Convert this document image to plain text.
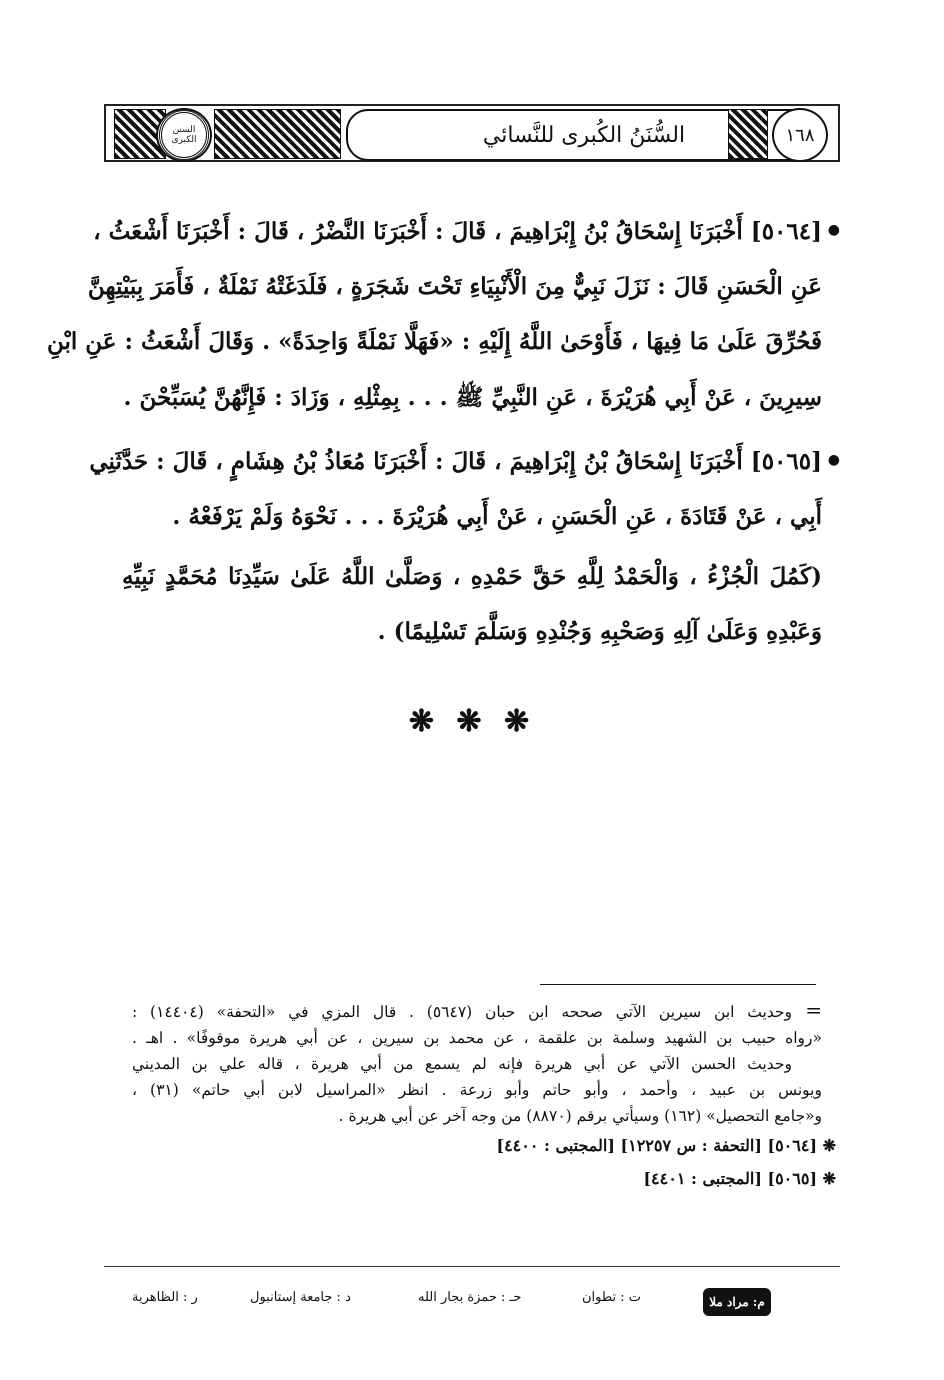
السنن الكبرى	السُّنَنُ الكُبرى للنَّسائي	١٦٨
●
[٥٠٦٤] أَخْبَرَنَا إِسْحَاقُ بْنُ إِبْرَاهِيمَ ، قَالَ : أَخْبَرَنَا النَّضْرُ ، قَالَ : أَخْبَرَنَا أَشْعَثُ ،
عَنِ الْحَسَنِ قَالَ : نَزَلَ نَبِيٌّ مِنَ الْأَنْبِيَاءِ تَحْتَ شَجَرَةٍ ، فَلَدَغَتْهُ نَمْلَةٌ ، فَأَمَرَ بِبَيْتِهِنَّ
فَحُرِّقَ عَلَىٰ مَا فِيهَا ، فَأَوْحَىٰ اللَّهُ إِلَيْهِ : «فَهَلَّا نَمْلَةً وَاحِدَةً» . وَقَالَ أَشْعَثُ : عَنِ ابْنِ
سِيرِينَ ، عَنْ أَبِي هُرَيْرَةَ ، عَنِ النَّبِيِّ ﷺ . . . بِمِثْلِهِ ، وَزَادَ : فَإِنَّهُنَّ يُسَبِّحْنَ .
●
[٥٠٦٥] أَخْبَرَنَا إِسْحَاقُ بْنُ إِبْرَاهِيمَ ، قَالَ : أَخْبَرَنَا مُعَاذُ بْنُ هِشَامٍ ، قَالَ : حَدَّثَنِي
أَبِي ، عَنْ قَتَادَةَ ، عَنِ الْحَسَنِ ، عَنْ أَبِي هُرَيْرَةَ . . . نَحْوَهُ وَلَمْ يَرْفَعْهُ .
(كَمُلَ الْجُزْءُ ، وَالْحَمْدُ لِلَّهِ حَقَّ حَمْدِهِ ، وَصَلَّىٰ اللَّهُ عَلَىٰ سَيِّدِنَا مُحَمَّدٍ نَبِيِّهِ
وَعَبْدِهِ وَعَلَىٰ آلِهِ وَصَحْبِهِ وَجُنْدِهِ وَسَلَّمَ تَسْلِيمًا) .
❋ ❋ ❋
=
وحديث ابن سيرين الآتي صححه ابن حبان (٥٦٤٧) . قال المزي في «التحفة» (١٤٤٠٤) :
«رواه حبيب بن الشهيد وسلمة بن علقمة ، عن محمد بن سيرين ، عن أبي هريرة موقوفًا» . اهـ .
وحديث الحسن الآتي عن أبي هريرة فإنه لم يسمع من أبي هريرة ، قاله علي بن المديني
ويونس بن عبيد ، وأحمد ، وأبو حاتم وأبو زرعة . انظر «المراسيل لابن أبي حاتم» (٣١) ،
و«جامع التحصيل» (١٦٢) وسيأتي برقم (٨٨٧٠) من وجه آخر عن أبي هريرة .
❋ [٥٠٦٤] [التحفة : س ١٢٢٥٧] [المجتبى : ٤٤٠٠]
❋ [٥٠٦٥] [المجتبى : ٤٤٠١]
م: مراد ملا
ت : تطوان
حـ : حمزة بجار الله
د : جامعة إستانبول
ر : الظاهرية
